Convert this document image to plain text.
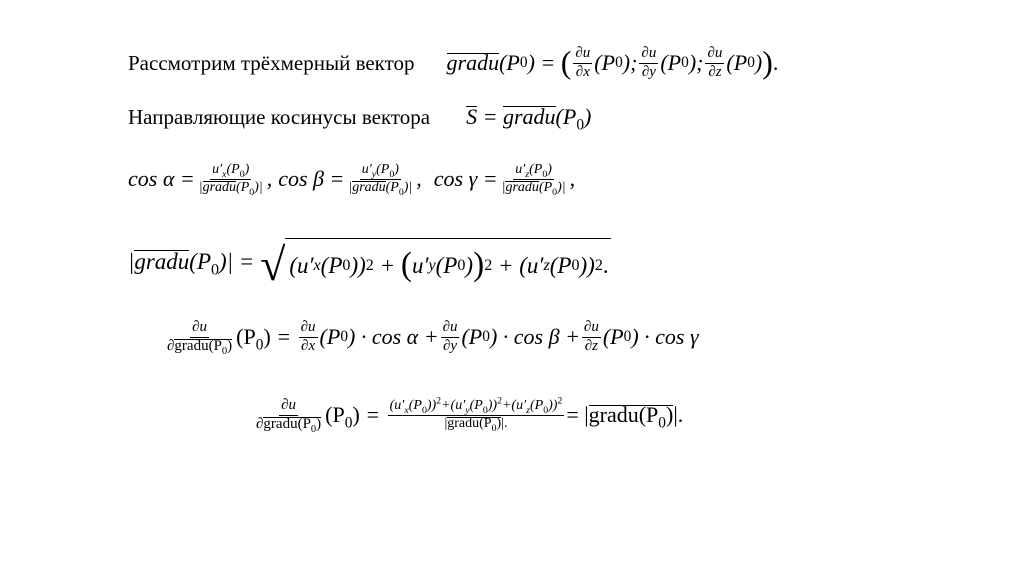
Рассмотрим трёхмерный вектор gradu ( P 0 ) = ( $\frac{\partial u}{\partial x}$ ( P 0 ); $\frac{\partial u}{\partial y}$ ( P 0 ); $\frac{\partial u}{\partial z}$ ( P 0 ) ) .
Направляющие косинусы вектора $S = gradu(P_0)$
$\cos \alpha = \frac{u'_x(P_0)}{|gradu(P_0)|}$ , $\cos \beta = \frac{u'_y(P_0)}{|gradu(P_0)|}$ , $\cos \gamma = \frac{u'_z(P_0)}{|gradu(P_0)|}$ ,
$|gradu(P_0)|$ = √ (u′ x (P 0 )) 2 + ( u′ y (P 0 ) ) 2 + (u′ z (P 0 )) 2 .
$\frac{\partial u}{\partial gradu(P_0)} (P_0) = \frac{\partial u}{\partial x} (P$ 0 ) · $\cos \alpha + \frac{\partial u}{\partial y} (P$ 0 ) · $\cos \beta + \frac{\partial u}{\partial z} (P$ 0 ) · cos γ
$\frac{\partial u}{\partial gradu(P_0)} (P_0) = \frac{(u'_x(P_0))^2+(u'_y(P_0))^2+(u'_z(P_0))^2}{|gradu(P_0)|.}$ = $|gradu(P_0)|$.
